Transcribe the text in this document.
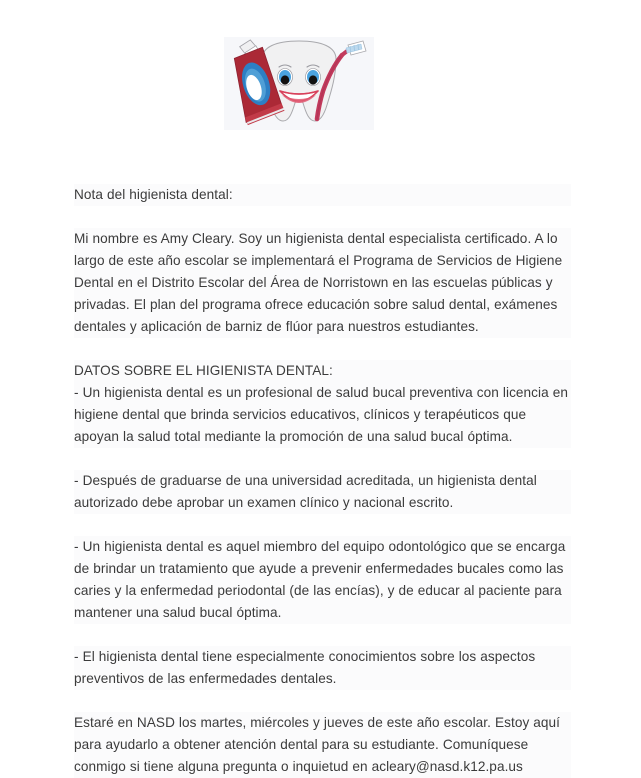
Nota del higienista dental:

Mi nombre es Amy Cleary. Soy un higienista dental especialista certificado. A lo
largo de este año escolar se implementará el Programa de Servicios de Higiene
Dental en el Distrito Escolar del Área de Norristown en las escuelas públicas y
privadas. El plan del programa ofrece educación sobre salud dental, exámenes
dentales y aplicación de barniz de flúor para nuestros estudiantes.

DATOS SOBRE EL HIGIENISTA DENTAL:
- Un higienista dental es un profesional de salud bucal preventiva con licencia en
higiene dental que brinda servicios educativos, clínicos y terapéuticos que
apoyan la salud total mediante la promoción de una salud bucal óptima.

- Después de graduarse de una universidad acreditada, un higienista dental
autorizado debe aprobar un examen clínico y nacional escrito.

- Un higienista dental es aquel miembro del equipo odontológico que se encarga
de brindar un tratamiento que ayude a prevenir enfermedades bucales como las
caries y la enfermedad periodontal (de las encías), y de educar al paciente para
mantener una salud bucal óptima.

- El higienista dental tiene especialmente conocimientos sobre los aspectos
preventivos de las enfermedades dentales.

Estaré en NASD los martes, miércoles y jueves de este año escolar. Estoy aquí
para ayudarlo a obtener atención dental para su estudiante. Comuníquese
conmigo si tiene alguna pregunta o inquietud en acleary@nasd.k12.pa.us
